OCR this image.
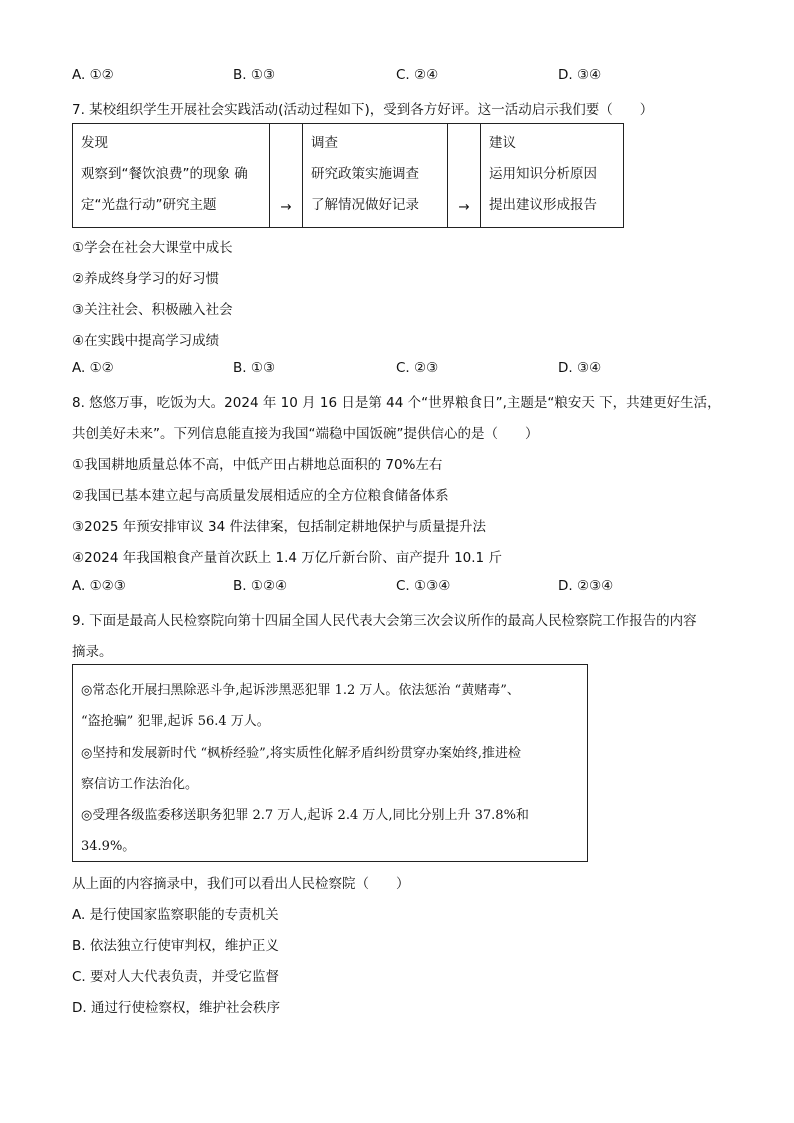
A. ①②	B. ①③	C. ②④	D. ③④
7. 某校组织学生开展社会实践活动(活动过程如下)，受到各方好评。这一活动启示我们要（　　）
发现
观察到“餐饮浪费”的现象 确
定“光盘行动”研究主题	→	
调查
研究政策实施调查
了解情况做好记录	→	
建议
运用知识分析原因
提出建议形成报告
①学会在社会大课堂中成长
②养成终身学习的好习惯
③关注社会、积极融入社会
④在实践中提高学习成绩
A. ①②	B. ①③	C. ②③	D. ③④
8. 悠悠万事，吃饭为大。2024 年 10 月 16 日是第 44 个“世界粮食日”,主题是“粮安天 下，共建更好生活，
共创美好未来”。下列信息能直接为我国“端稳中国饭碗”提供信心的是（　　）
①我国耕地质量总体不高，中低产田占耕地总面积的 70%左右
②我国已基本建立起与高质量发展相适应的全方位粮食储备体系
③2025 年预安排审议 34 件法律案，包括制定耕地保护与质量提升法
④2024 年我国粮食产量首次跃上 1.4 万亿斤新台阶、亩产提升 10.1 斤
A. ①②③	B. ①②④	C. ①③④	D. ②③④
9. 下面是最高人民检察院向第十四届全国人民代表大会第三次会议所作的最高人民检察院工作报告的内容
摘录。
◎常态化开展扫黑除恶斗争,起诉涉黑恶犯罪 1.2 万人。依法惩治 “黄赌毒”、
“盗抢骗” 犯罪,起诉 56.4 万人。
◎坚持和发展新时代 “枫桥经验”,将实质性化解矛盾纠纷贯穿办案始终,推进检
察信访工作法治化。
◎受理各级监委移送职务犯罪 2.7 万人,起诉 2.4 万人,同比分别上升 37.8%和
34.9%。
从上面的内容摘录中，我们可以看出人民检察院（　　）
A. 是行使国家监察职能的专责机关
B. 依法独立行使审判权，维护正义
C. 要对人大代表负责，并受它监督
D. 通过行使检察权，维护社会秩序
